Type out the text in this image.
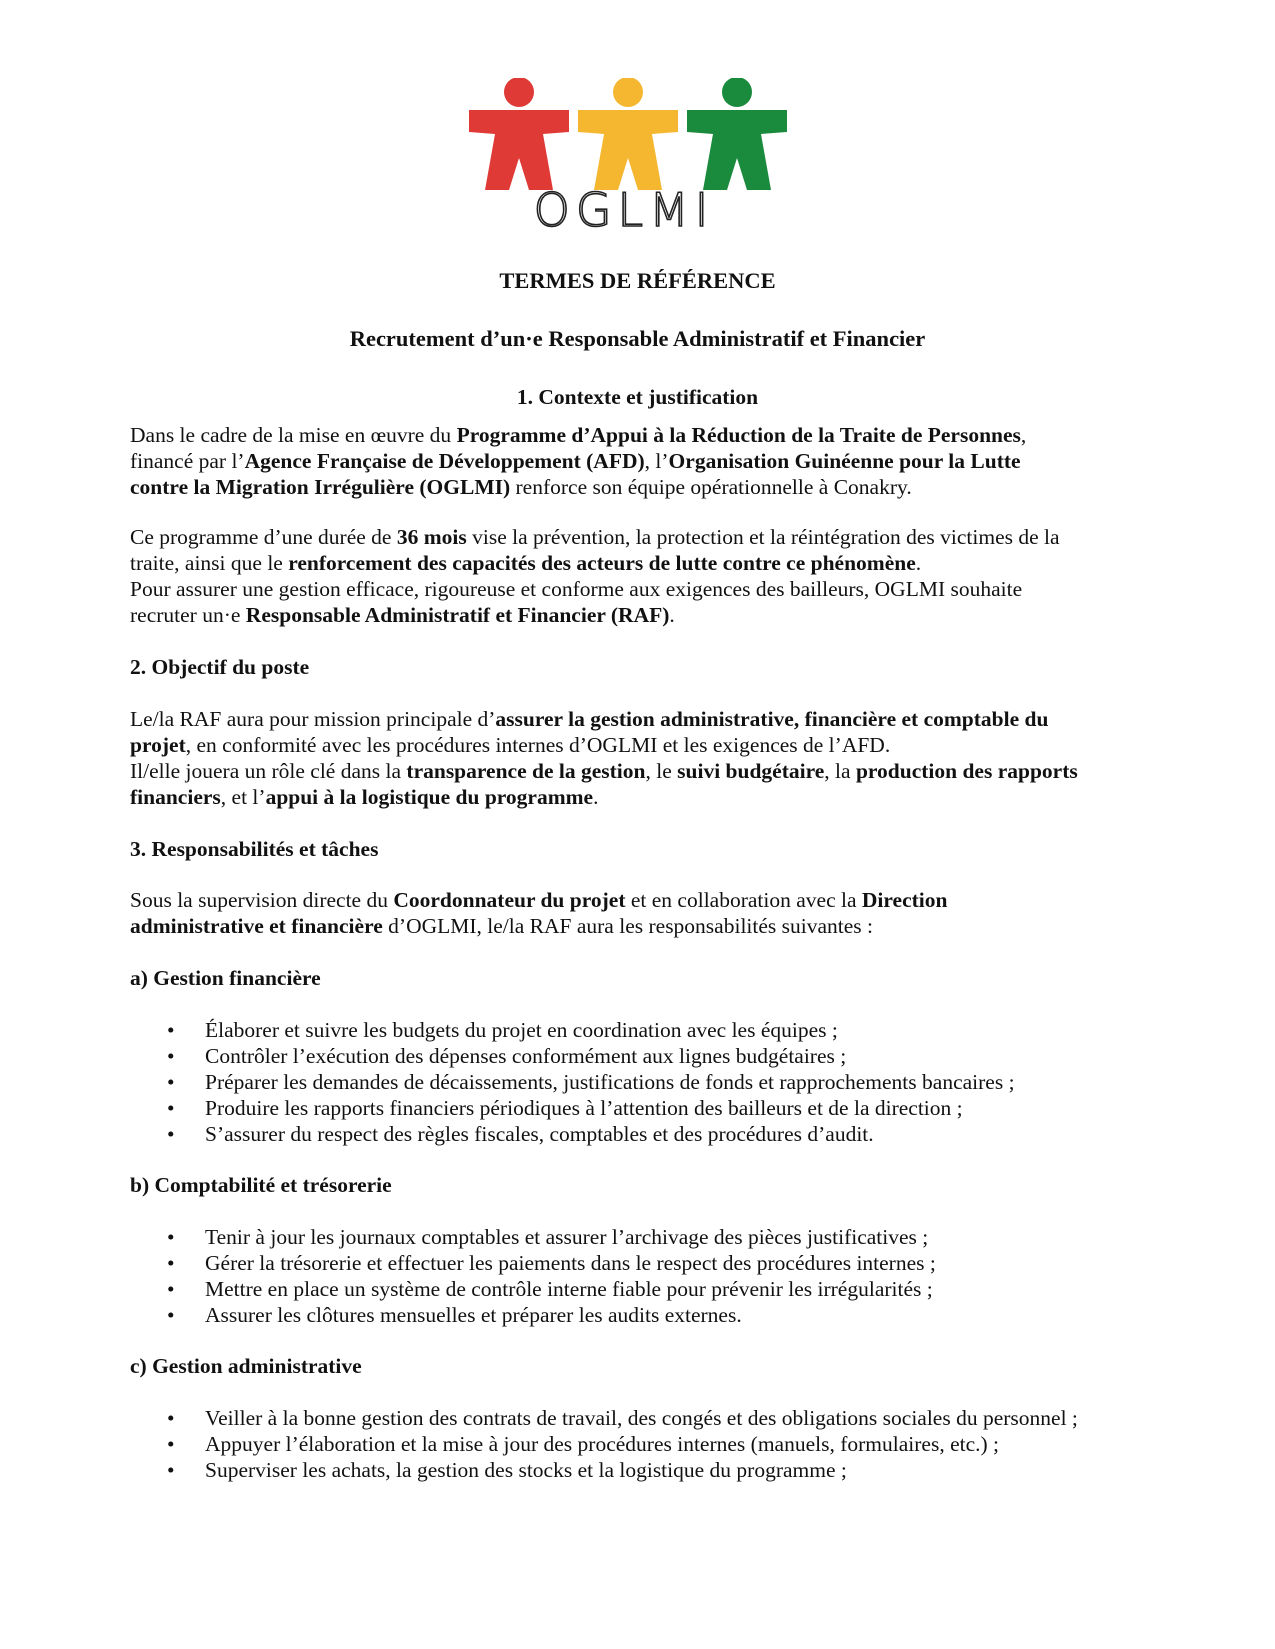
OGLMI
TERMES DE RÉFÉRENCE
Recrutement d’un·e Responsable Administratif et Financier
1. Contexte et justification
Dans le cadre de la mise en œuvre du Programme d’Appui à la Réduction de la Traite de Personnes,
financé par l’Agence Française de Développement (AFD), l’Organisation Guinéenne pour la Lutte
contre la Migration Irrégulière (OGLMI) renforce son équipe opérationnelle à Conakry.
Ce programme d’une durée de 36 mois vise la prévention, la protection et la réintégration des victimes de la
traite, ainsi que le renforcement des capacités des acteurs de lutte contre ce phénomène.
Pour assurer une gestion efficace, rigoureuse et conforme aux exigences des bailleurs, OGLMI souhaite
recruter un·e Responsable Administratif et Financier (RAF).
2. Objectif du poste
Le/la RAF aura pour mission principale d’assurer la gestion administrative, financière et comptable du
projet, en conformité avec les procédures internes d’OGLMI et les exigences de l’AFD.
Il/elle jouera un rôle clé dans la transparence de la gestion, le suivi budgétaire, la production des rapports
financiers, et l’appui à la logistique du programme.
3. Responsabilités et tâches
Sous la supervision directe du Coordonnateur du projet et en collaboration avec la Direction
administrative et financière d’OGLMI, le/la RAF aura les responsabilités suivantes :
a) Gestion financière
• Élaborer et suivre les budgets du projet en coordination avec les équipes ;
• Contrôler l’exécution des dépenses conformément aux lignes budgétaires ;
• Préparer les demandes de décaissements, justifications de fonds et rapprochements bancaires ;
• Produire les rapports financiers périodiques à l’attention des bailleurs et de la direction ;
• S’assurer du respect des règles fiscales, comptables et des procédures d’audit.
b) Comptabilité et trésorerie
• Tenir à jour les journaux comptables et assurer l’archivage des pièces justificatives ;
• Gérer la trésorerie et effectuer les paiements dans le respect des procédures internes ;
• Mettre en place un système de contrôle interne fiable pour prévenir les irrégularités ;
• Assurer les clôtures mensuelles et préparer les audits externes.
c) Gestion administrative
• Veiller à la bonne gestion des contrats de travail, des congés et des obligations sociales du personnel ;
• Appuyer l’élaboration et la mise à jour des procédures internes (manuels, formulaires, etc.) ;
• Superviser les achats, la gestion des stocks et la logistique du programme ;
